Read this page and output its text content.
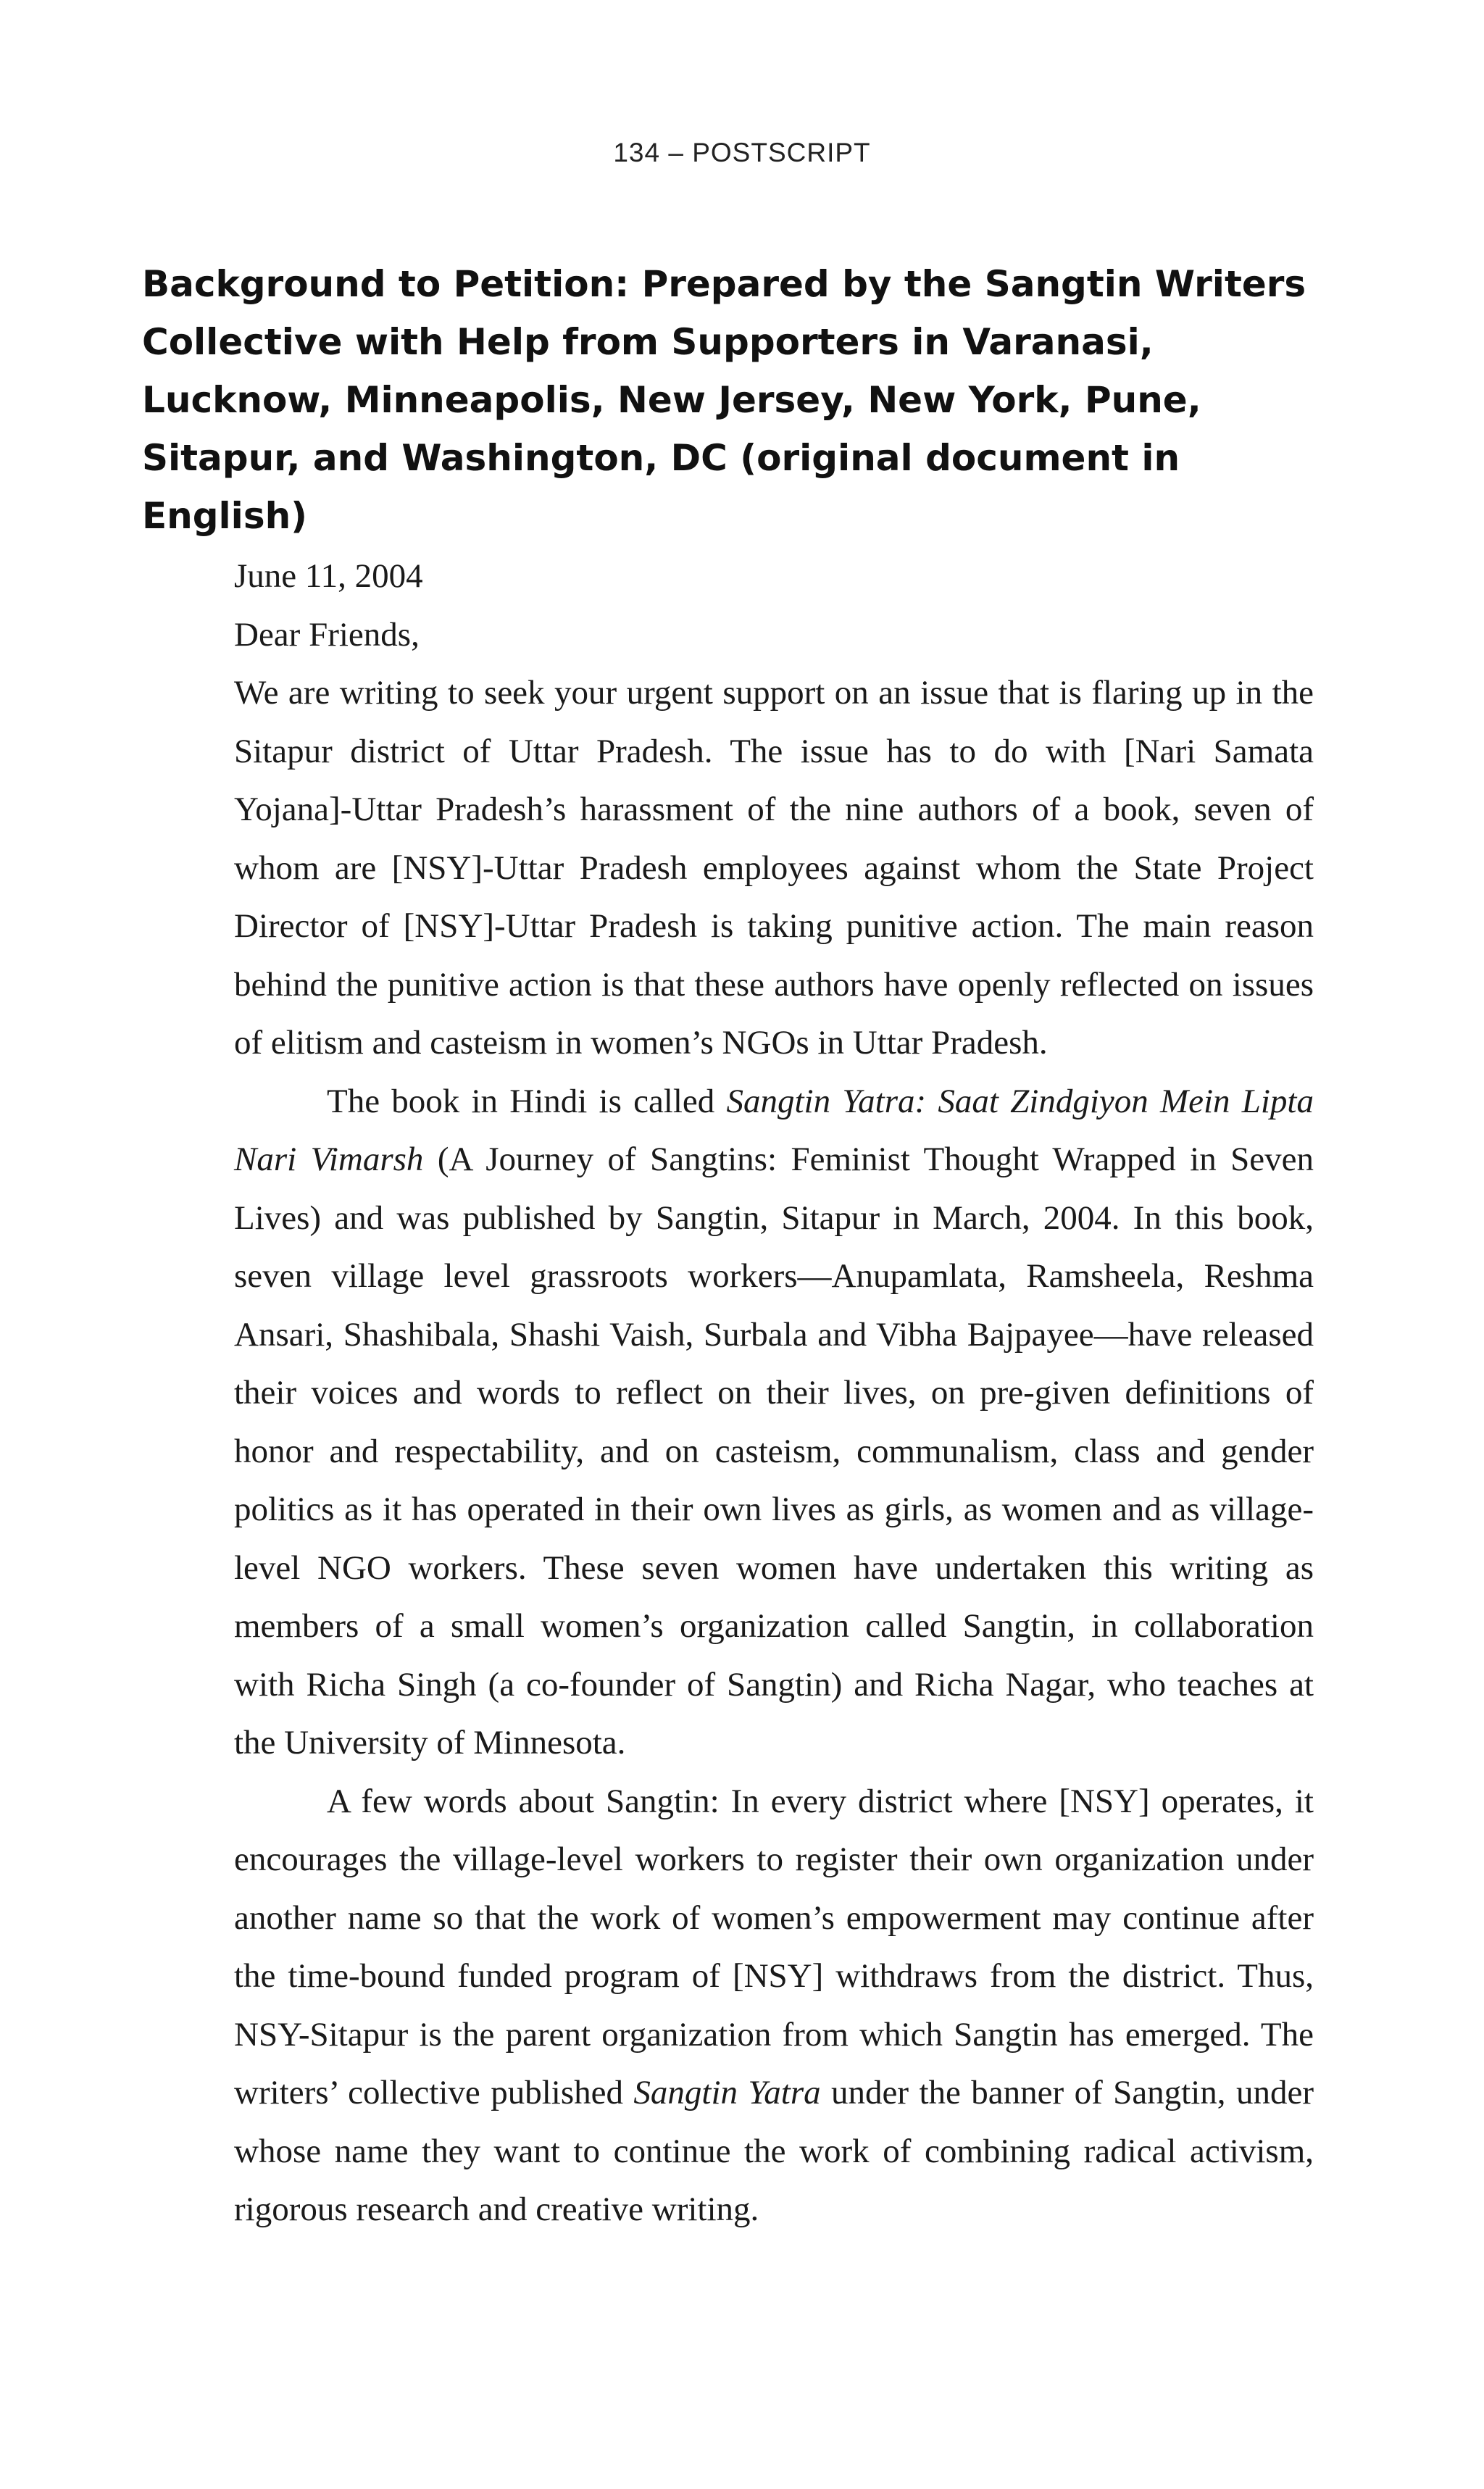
134 – POSTSCRIPT
Background to Petition: Prepared by the Sangtin Writers Collective with Help from Supporters in Varanasi, Lucknow, Minneapolis, New Jersey, New York, Pune, Sitapur, and Washington, DC (original document in English)

June 11, 2004

Dear Friends,

We are writing to seek your urgent support on an issue that is flaring up in the Sitapur district of Uttar Pradesh. The issue has to do with [Nari Samata Yojana]-Uttar Pradesh’s harassment of the nine authors of a book, seven of whom are [NSY]-Uttar Pradesh employees against whom the State Project Director of [NSY]-Uttar Pradesh is taking punitive action. The main reason behind the punitive action is that these authors have openly reflected on issues of elitism and casteism in women’s NGOs in Uttar Pradesh.

The book in Hindi is called Sangtin Yatra: Saat Zindgiyon Mein Lipta Nari Vimarsh (A Journey of Sangtins: Feminist Thought Wrapped in Seven Lives) and was published by Sangtin, Sitapur in March, 2004. In this book, seven village level grassroots workers—Anupamlata, Ramsheela, Reshma Ansari, Shashibala, Shashi Vaish, Surbala and Vibha Bajpayee—have released their voices and words to reflect on their lives, on pre-given definitions of honor and respectability, and on casteism, communalism, class and gender politics as it has operated in their own lives as girls, as women and as village-level NGO workers. These seven women have undertaken this writing as members of a small women’s organization called Sangtin, in collaboration with Richa Singh (a co-founder of Sangtin) and Richa Nagar, who teaches at the University of Minnesota.

A few words about Sangtin: In every district where [NSY] operates, it encourages the village-level workers to register their own organization under another name so that the work of women’s empowerment may continue after the time-bound funded program of [NSY] withdraws from the district. Thus, NSY-Sitapur is the parent organization from which Sangtin has emerged. The writers’ collective published Sangtin Yatra under the banner of Sangtin, under whose name they want to continue the work of combining radical activism, rigorous research and creative writing.
